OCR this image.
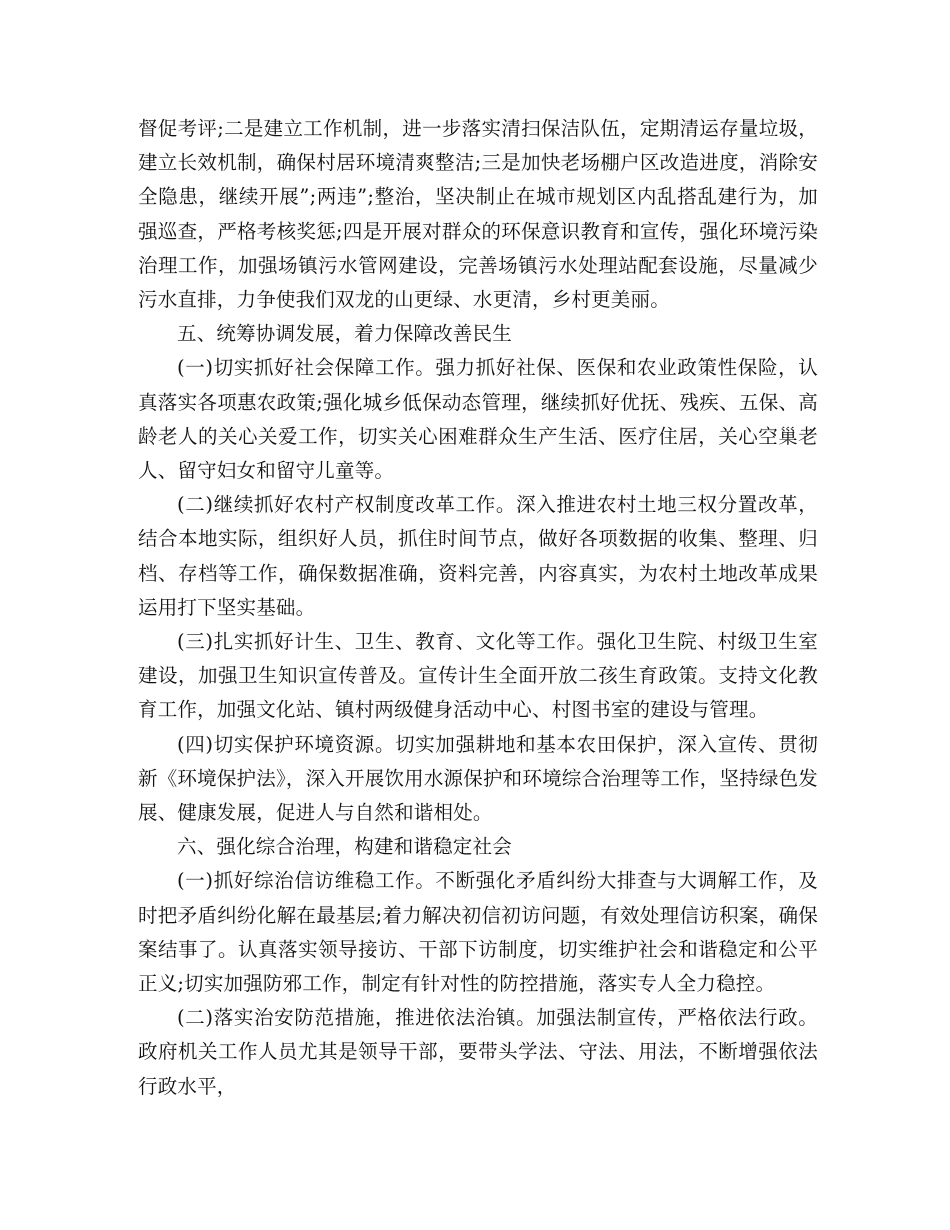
督促考评;二是建立工作机制，进一步落实清扫保洁队伍，定期清运存量垃圾，建立长效机制，确保村居环境清爽整洁;三是加快老场棚户区改造进度，消除安全隐患，继续开展”;两违”;整治，坚决制止在城市规划区内乱搭乱建行为，加强巡查，严格考核奖惩;四是开展对群众的环保意识教育和宣传，强化环境污染治理工作，加强场镇污水管网建设，完善场镇污水处理站配套设施，尽量减少污水直排，力争使我们双龙的山更绿、水更清，乡村更美丽。

五、统筹协调发展，着力保障改善民生

(一)切实抓好社会保障工作。强力抓好社保、医保和农业政策性保险，认真落实各项惠农政策;强化城乡低保动态管理，继续抓好优抚、残疾、五保、高龄老人的关心关爱工作，切实关心困难群众生产生活、医疗住居，关心空巢老人、留守妇女和留守儿童等。

(二)继续抓好农村产权制度改革工作。深入推进农村土地三权分置改革，结合本地实际，组织好人员，抓住时间节点，做好各项数据的收集、整理、归档、存档等工作，确保数据准确，资料完善，内容真实，为农村土地改革成果运用打下坚实基础。

(三)扎实抓好计生、卫生、教育、文化等工作。强化卫生院、村级卫生室建设，加强卫生知识宣传普及。宣传计生全面开放二孩生育政策。支持文化教育工作，加强文化站、镇村两级健身活动中心、村图书室的建设与管理。

(四)切实保护环境资源。切实加强耕地和基本农田保护，深入宣传、贯彻新《环境保护法》，深入开展饮用水源保护和环境综合治理等工作，坚持绿色发展、健康发展，促进人与自然和谐相处。

六、强化综合治理，构建和谐稳定社会

(一)抓好综治信访维稳工作。不断强化矛盾纠纷大排查与大调解工作，及时把矛盾纠纷化解在最基层;着力解决初信初访问题，有效处理信访积案，确保案结事了。认真落实领导接访、干部下访制度，切实维护社会和谐稳定和公平正义;切实加强防邪工作，制定有针对性的防控措施，落实专人全力稳控。

(二)落实治安防范措施，推进依法治镇。加强法制宣传，严格依法行政。政府机关工作人员尤其是领导干部，要带头学法、守法、用法，不断增强依法行政水平，
